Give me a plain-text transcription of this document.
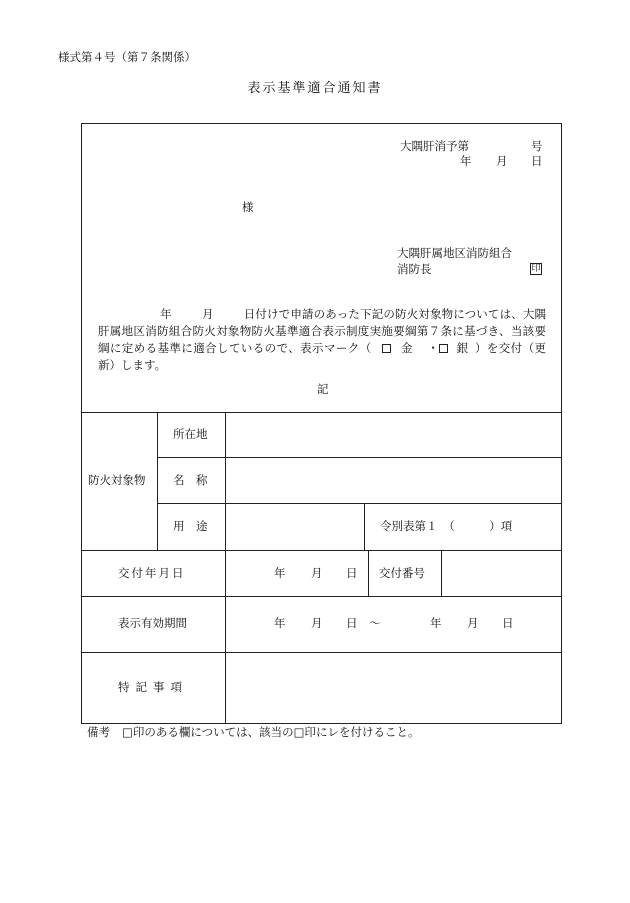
様式第４号（第７条関係）
表示基準適合通知書
大隅肝消予第	号
年 月 日
様
大隅肝属地区消防組合
消防長	印
年	月	日付けで申請のあった下記の防火対象物については、大隅肝属地区消防組合防火対象物防火基準適合表示制度実施要綱第７条に基づき、当該要綱に定める基準に適合しているので、表示マーク（	金 ・ 銀 ）を交付（更新）します。
記
防火対象物
所在地
名　称
用　途	令別表第１　（　　　）項
交付年月日	年 月 日 交付番号
表示有効期間	年 月 日 ～	年 月 日
特記事項
備考 □印のある欄については、該当の□印にレを付けること。
